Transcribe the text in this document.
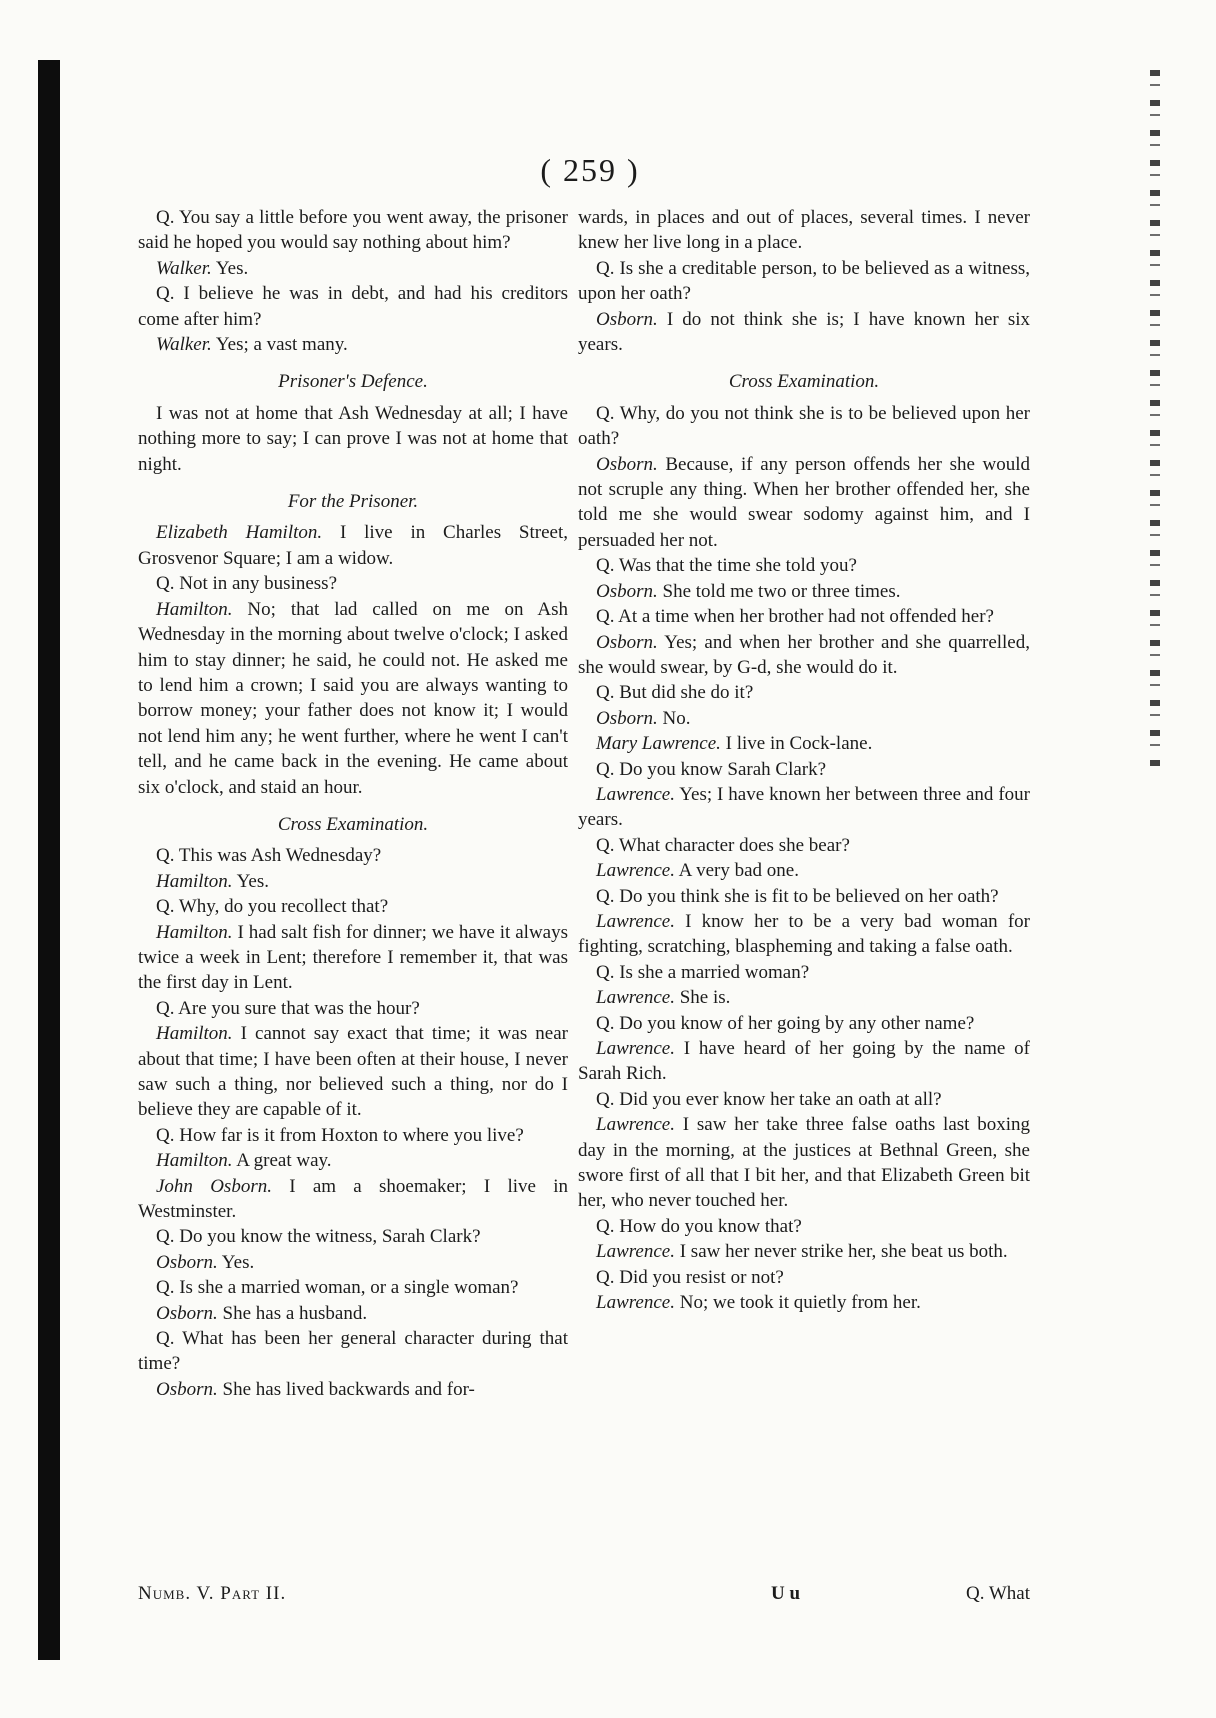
( 259 )

Q. You say a little before you went away, the prisoner said he hoped you would say nothing about him?

Walker. Yes.

Q. I believe he was in debt, and had his creditors come after him?

Walker. Yes; a vast many.

Prisoner's Defence.

I was not at home that Ash Wednesday at all; I have nothing more to say; I can prove I was not at home that night.

For the Prisoner.

Elizabeth Hamilton. I live in Charles Street, Grosvenor Square; I am a widow.

Q. Not in any business?

Hamilton. No; that lad called on me on Ash Wednesday in the morning about twelve o'clock; I asked him to stay dinner; he said, he could not. He asked me to lend him a crown; I said you are always wanting to borrow money; your father does not know it; I would not lend him any; he went further, where he went I can't tell, and he came back in the evening. He came about six o'clock, and staid an hour.

Cross Examination.

Q. This was Ash Wednesday?

Hamilton. Yes.

Q. Why, do you recollect that?

Hamilton. I had salt fish for dinner; we have it always twice a week in Lent; therefore I remember it, that was the first day in Lent.

Q. Are you sure that was the hour?

Hamilton. I cannot say exact that time; it was near about that time; I have been often at their house, I never saw such a thing, nor believed such a thing, nor do I believe they are capable of it.

Q. How far is it from Hoxton to where you live?

Hamilton. A great way.

John Osborn. I am a shoemaker; I live in Westminster.

Q. Do you know the witness, Sarah Clark?

Osborn. Yes.

Q. Is she a married woman, or a single woman?

Osborn. She has a husband.

Q. What has been her general character during that time?

Osborn. She has lived backwards and for-

wards, in places and out of places, several times. I never knew her live long in a place.

Q. Is she a creditable person, to be believed as a witness, upon her oath?

Osborn. I do not think she is; I have known her six years.

Cross Examination.

Q. Why, do you not think she is to be believed upon her oath?

Osborn. Because, if any person offends her she would not scruple any thing. When her brother offended her, she told me she would swear sodomy against him, and I persuaded her not.

Q. Was that the time she told you?

Osborn. She told me two or three times.

Q. At a time when her brother had not offended her?

Osborn. Yes; and when her brother and she quarrelled, she would swear, by G-d, she would do it.

Q. But did she do it?

Osborn. No.

Mary Lawrence. I live in Cock-lane.

Q. Do you know Sarah Clark?

Lawrence. Yes; I have known her between three and four years.

Q. What character does she bear?

Lawrence. A very bad one.

Q. Do you think she is fit to be believed on her oath?

Lawrence. I know her to be a very bad woman for fighting, scratching, blaspheming and taking a false oath.

Q. Is she a married woman?

Lawrence. She is.

Q. Do you know of her going by any other name?

Lawrence. I have heard of her going by the name of Sarah Rich.

Q. Did you ever know her take an oath at all?

Lawrence. I saw her take three false oaths last boxing day in the morning, at the justices at Bethnal Green, she swore first of all that I bit her, and that Elizabeth Green bit her, who never touched her.

Q. How do you know that?

Lawrence. I saw her never strike her, she beat us both.

Q. Did you resist or not?

Lawrence. No; we took it quietly from her.

Numb. V. Part II.	U u	Q. What
